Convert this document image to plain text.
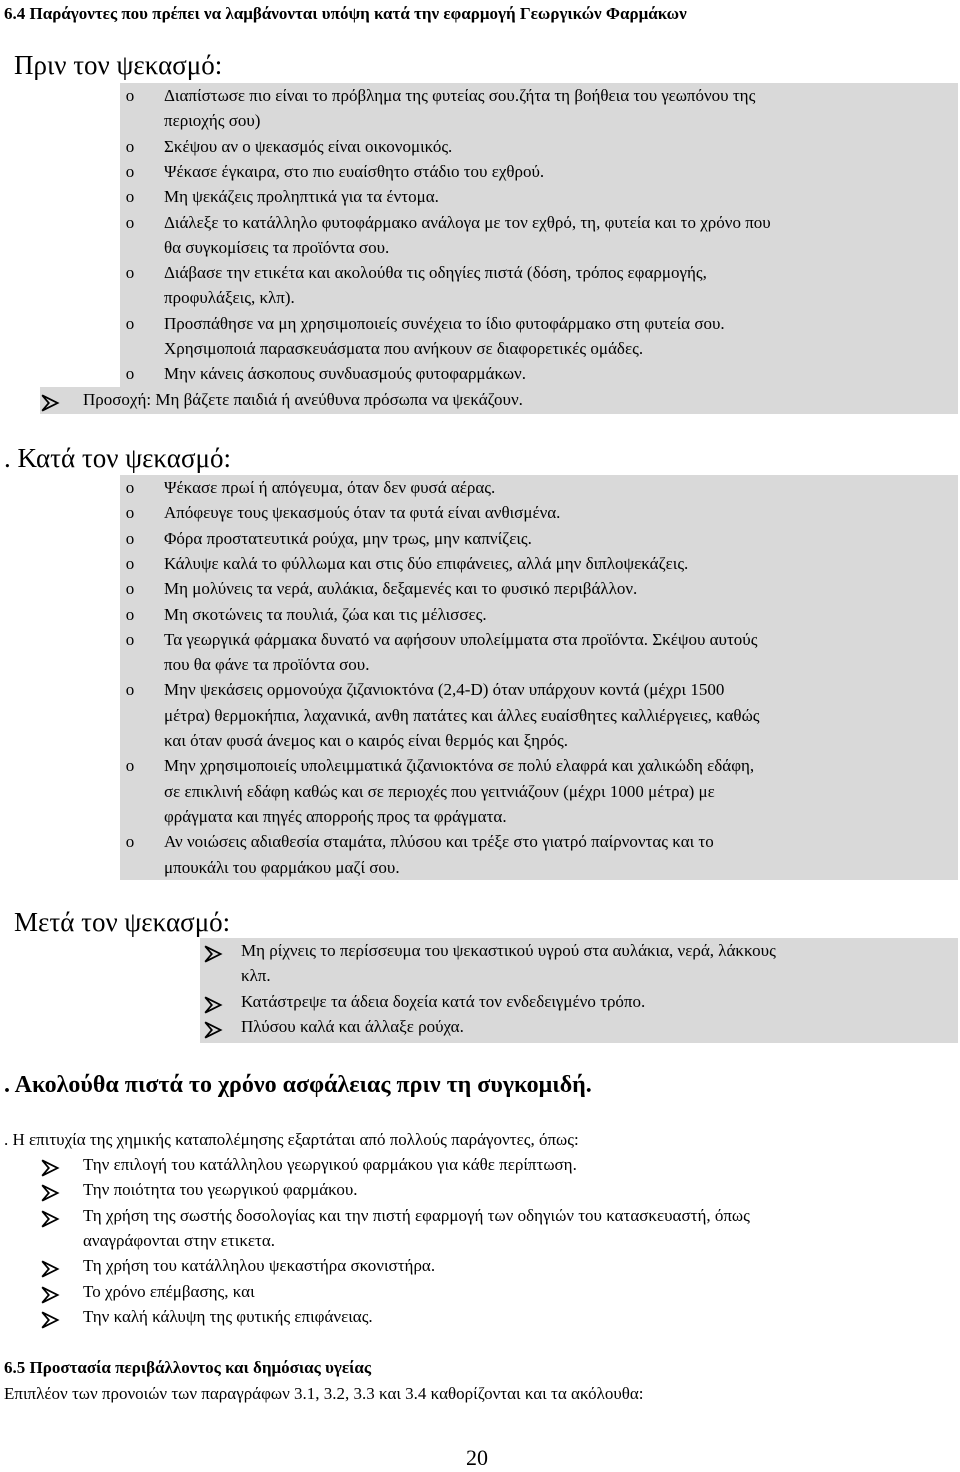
6.4 Παράγοντες που πρέπει να λαμβάνονται υπόψη κατά την εφαρμογή Γεωργικών Φαρμάκων
Πριν τον ψεκασμό:
o	Διαπίστωσε πιο είναι το πρόβλημα της φυτείας σου.ζήτα τη βοήθεια του γεωπόνου της
περιοχής σου)
o	Σκέψου αν ο ψεκασμός είναι οικονομικός.
o	Ψέκασε έγκαιρα, στο πιο ευαίσθητο στάδιο του εχθρού.
o	Μη ψεκάζεις προληπτικά για τα έντομα.
o	Διάλεξε το κατάλληλο φυτοφάρμακο ανάλογα με τον εχθρό, τη, φυτεία και το χρόνο που
θα συγκομίσεις τα προϊόντα σου.
o	Διάβασε την ετικέτα και ακολούθα τις οδηγίες πιστά (δόση, τρόπος εφαρμογής,
προφυλάξεις, κλπ).
o	Προσπάθησε να μη χρησιμοποιείς συνέχεια το ίδιο φυτοφάρμακο στη φυτεία σου.
Χρησιμοποιά παρασκευάσματα που ανήκουν σε διαφορετικές ομάδες.
o	Μην κάνεις άσκοπους συνδυασμούς φυτοφαρμάκων.
Προσοχή: Μη βάζετε παιδιά ή ανεύθυνα πρόσωπα να ψεκάζουν.
. Κατά τον ψεκασμό:
o	Ψέκασε πρωί ή απόγευμα, όταν δεν φυσά αέρας.
o	Απόφευγε τους ψεκασμούς όταν τα φυτά είναι ανθισμένα.
o	Φόρα προστατευτικά ρούχα, μην τρως, μην καπνίζεις.
o	Κάλυψε καλά το φύλλωμα και στις δύο επιφάνειες, αλλά μην διπλοψεκάζεις.
o	Μη μολύνεις τα νερά, αυλάκια, δεξαμενές και το φυσικό περιβάλλον.
o	Μη σκοτώνεις τα πουλιά, ζώα και τις μέλισσες.
o	Τα γεωργικά φάρμακα δυνατό να αφήσουν υπολείμματα στα προϊόντα. Σκέψου αυτούς
που θα φάνε τα προϊόντα σου.
o	Μην ψεκάσεις ορμονούχα ζιζανιοκτόνα (2,4-D) όταν υπάρχουν κοντά (μέχρι 1500
μέτρα) θερμοκήπια, λαχανικά, ανθη πατάτες και άλλες ευαίσθητες καλλιέργειες, καθώς
και όταν φυσά άνεμος και ο καιρός είναι θερμός και ξηρός.
o	Μην χρησιμοποιείς υπολειμματικά ζιζανιοκτόνα σε πολύ ελαφρά και χαλικώδη εδάφη,
σε επικλινή εδάφη καθώς και σε περιοχές που γειτνιάζουν (μέχρι 1000 μέτρα) με
φράγματα και πηγές απορροής προς τα φράγματα.
o	Αν νοιώσεις αδιαθεσία σταμάτα, πλύσου και τρέξε στο γιατρό παίρνοντας και το
μπουκάλι του φαρμάκου μαζί σου.
Μετά τον ψεκασμό:
Μη ρίχνεις το περίσσευμα του ψεκαστικού υγρού στα αυλάκια, νερά, λάκκους
κλπ.
Κατάστρεψε τα άδεια δοχεία κατά τον ενδεδειγμένο τρόπο.
Πλύσου καλά και άλλαξε ρούχα.
. Ακολούθα πιστά το χρόνο ασφάλειας πριν τη συγκομιδή.
. Η επιτυχία της χημικής καταπολέμησης εξαρτάται από πολλούς παράγοντες, όπως:
Την επιλογή του κατάλληλου γεωργικού φαρμάκου για κάθε περίπτωση.
Την ποιότητα του γεωργικού φαρμάκου.
Τη χρήση της σωστής δοσολογίας και την πιστή εφαρμογή των οδηγιών του κατασκευαστή, όπως
αναγράφονται στην ετικετα.
Τη χρήση του κατάλληλου ψεκαστήρα σκονιστήρα.
Το χρόνο επέμβασης, και
Την καλή κάλυψη της φυτικής επιφάνειας.
6.5 Προστασία περιβάλλοντος και δημόσιας υγείας
Επιπλέον των προνοιών των παραγράφων 3.1, 3.2, 3.3 και 3.4 καθορίζονται και τα ακόλουθα:
20
